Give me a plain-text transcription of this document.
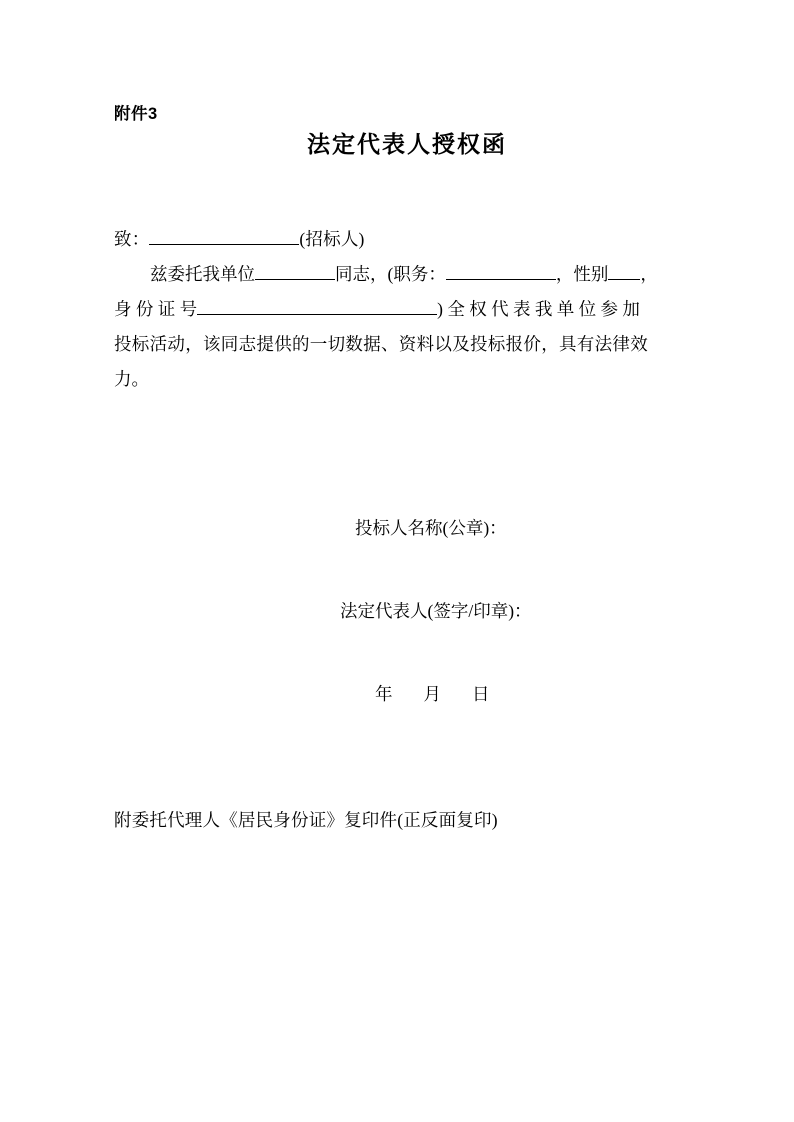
附件3
法定代表人授权函
致：	(招标人)
兹委托我单位	同志，(职务：	，性别 ，
身 份 证 号	) 全 权 代 表 我 单 位 参 加
投标活动，该同志提供的一切数据、资料以及投标报价，具有法律效
力。
投标人名称(公章)：
法定代表人(签字/印章)：
年 月 日
附委托代理人《居民身份证》复印件(正反面复印)
